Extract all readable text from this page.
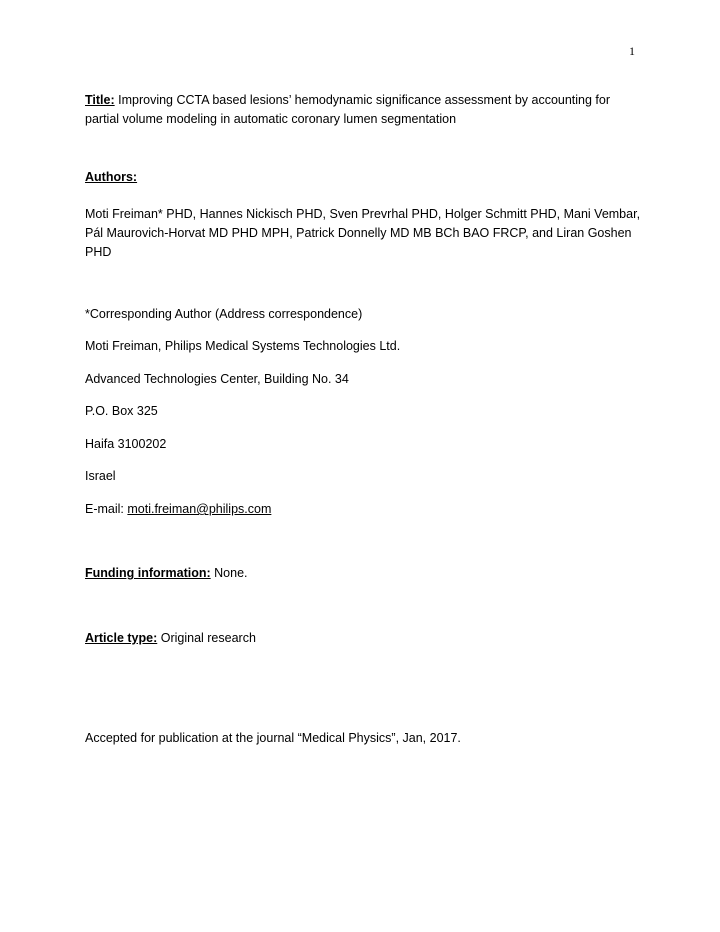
1
Title: Improving CCTA based lesions’ hemodynamic significance assessment by accounting for partial volume modeling in automatic coronary lumen segmentation
Authors:
Moti Freiman* PHD, Hannes Nickisch PHD, Sven Prevrhal PHD, Holger Schmitt PHD, Mani Vembar, Pál Maurovich-Horvat MD PHD MPH, Patrick Donnelly MD MB BCh BAO FRCP, and Liran Goshen PHD
*Corresponding Author (Address correspondence)
Moti Freiman, Philips Medical Systems Technologies Ltd.
Advanced Technologies Center, Building No. 34
P.O. Box 325
Haifa 3100202
Israel
E-mail: moti.freiman@philips.com
Funding information: None.
Article type: Original research
Accepted for publication at the journal “Medical Physics”, Jan, 2017.
